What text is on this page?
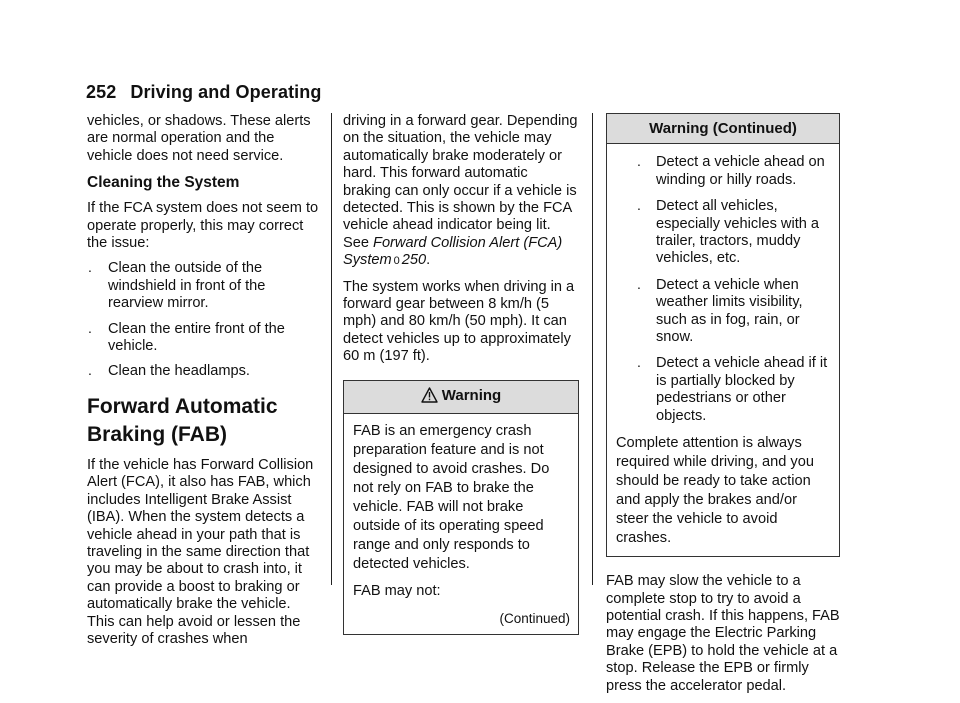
252 Driving and Operating

vehicles, or shadows. These alerts are normal operation and the vehicle does not need service.

Cleaning the System

If the FCA system does not seem to operate properly, this may correct the issue:

. Clean the outside of the windshield in front of the rearview mirror.
. Clean the entire front of the vehicle.
. Clean the headlamps.
Forward Automatic
Braking (FAB)

If the vehicle has Forward Collision Alert (FCA), it also has FAB, which includes Intelligent Brake Assist (IBA). When the system detects a vehicle ahead in your path that is traveling in the same direction that you may be about to crash into, it can provide a boost to braking or automatically brake the vehicle. This can help avoid or lessen the severity of crashes when

driving in a forward gear. Depending on the situation, the vehicle may automatically brake moderately or hard. This forward automatic braking can only occur if a vehicle is detected. This is shown by the FCA vehicle ahead indicator being lit. See Forward Collision Alert (FCA) System 0 250.

The system works when driving in a forward gear between 8 km/h (5 mph) and 80 km/h (50 mph). It can detect vehicles up to approximately 60 m (197 ft).

Warning

FAB is an emergency crash preparation feature and is not designed to avoid crashes. Do not rely on FAB to brake the vehicle. FAB will not brake outside of its operating speed range and only responds to detected vehicles.

FAB may not:

(Continued)

Warning (Continued)
. Detect a vehicle ahead on winding or hilly roads.
. Detect all vehicles, especially vehicles with a trailer, tractors, muddy vehicles, etc.
. Detect a vehicle when weather limits visibility, such as in fog, rain, or snow.
. Detect a vehicle ahead if it is partially blocked by pedestrians or other objects.

Complete attention is always required while driving, and you should be ready to take action and apply the brakes and/or steer the vehicle to avoid crashes.

FAB may slow the vehicle to a complete stop to try to avoid a potential crash. If this happens, FAB may engage the Electric Parking Brake (EPB) to hold the vehicle at a stop. Release the EPB or firmly press the accelerator pedal.
